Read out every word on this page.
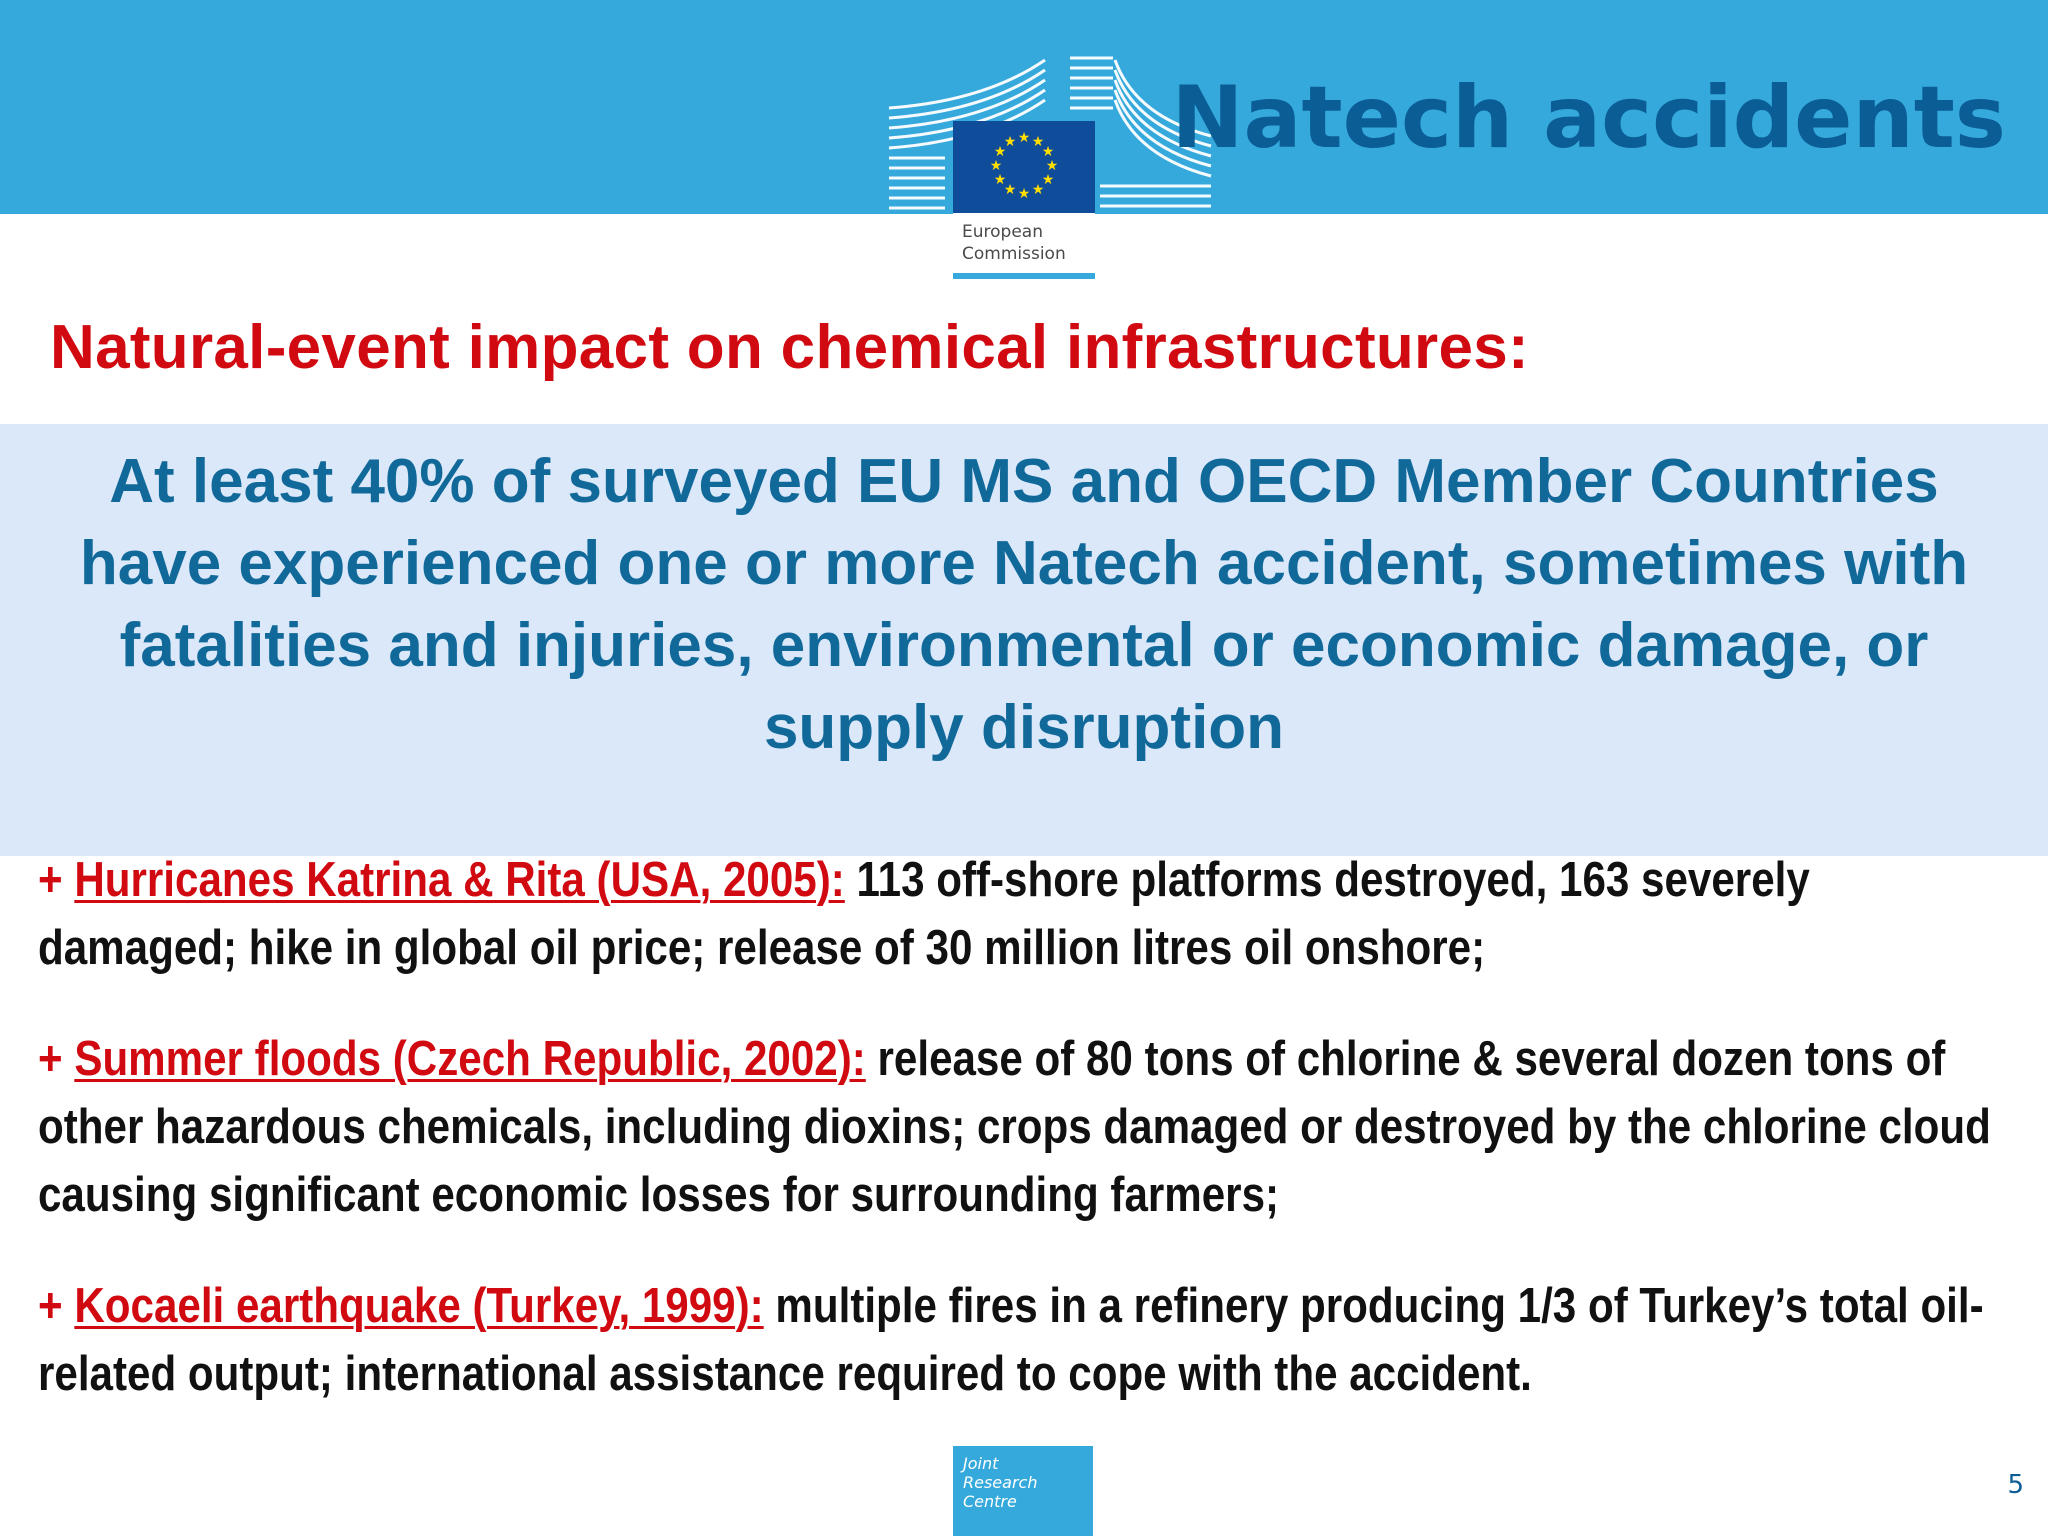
★ ★
★
★
★
★
★
★
★
★
★
★
European
Commission
Natech accidents
Natural-event impact on chemical infrastructures:

At least 40% of surveyed EU MS and OECD Member Countries have experienced one or more Natech accident, sometimes with fatalities and injuries, environmental or economic damage, or supply disruption

+ Hurricanes Katrina & Rita (USA, 2005): 113 off-shore platforms destroyed, 163 severely damaged; hike in global oil price; release of 30 million litres oil onshore;

+ Summer floods (Czech Republic, 2002): release of 80 tons of chlorine & several dozen tons of other hazardous chemicals, including dioxins; crops damaged or destroyed by the chlorine cloud causing significant economic losses for surrounding farmers;

+ Kocaeli earthquake (Turkey, 1999): multiple fires in a refinery producing 1/3 of Turkey’s total oil-related output; international assistance required to cope with the accident.

Joint
Research
Centre
5
